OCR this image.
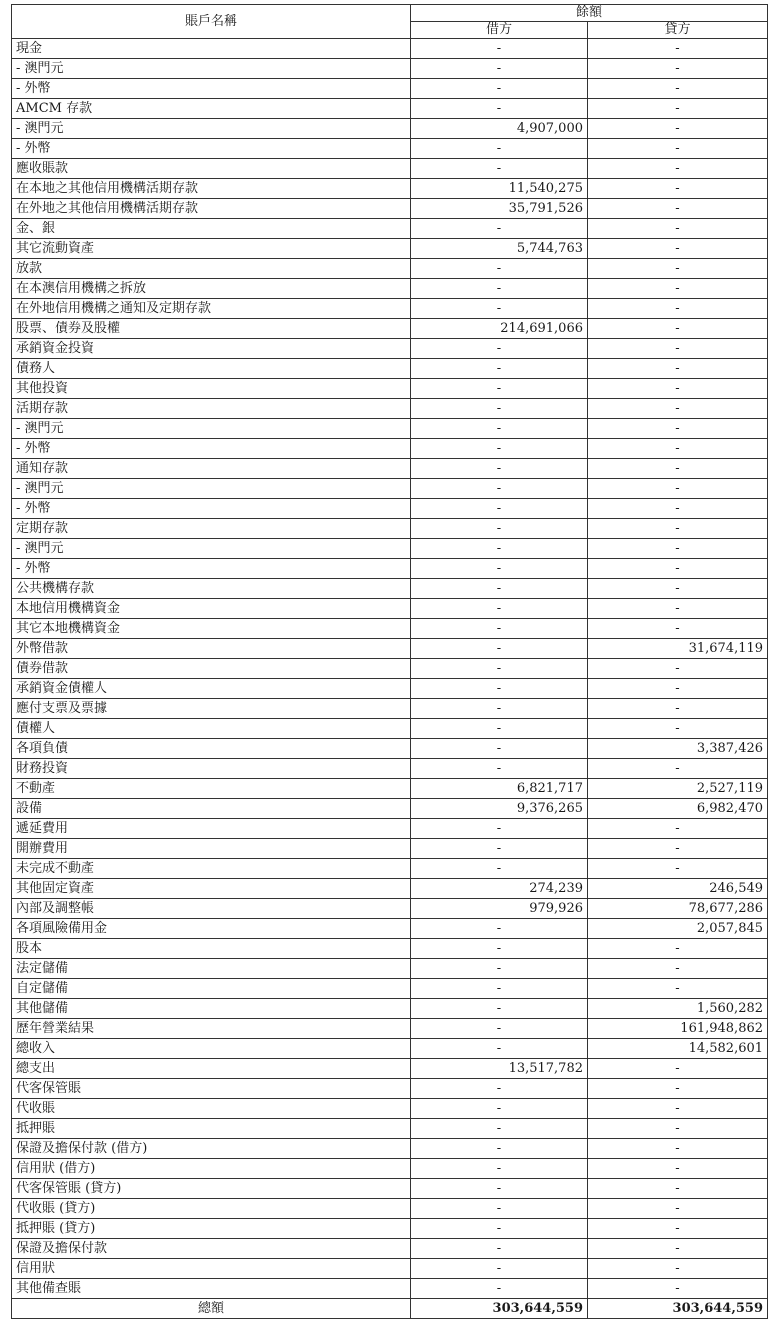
賬戶名稱	餘額	
	借方	貸方
現金	-	-
- 澳門元	-	-
- 外幣	-	-
AMCM 存款	-	-
- 澳門元	4,907,000	-
- 外幣	-	-
應收賬款	-	-
在本地之其他信用機構活期存款	11,540,275	-
在外地之其他信用機構活期存款	35,791,526	-
金、銀	-	-
其它流動資產	5,744,763	-
放款	-	-
在本澳信用機構之拆放	-	-
在外地信用機構之通知及定期存款	-	-
股票、債券及股權	214,691,066	-
承銷資金投資	-	-
債務人	-	-
其他投資	-	-
活期存款	-	-
- 澳門元	-	-
- 外幣	-	-
通知存款	-	-
- 澳門元	-	-
- 外幣	-	-
定期存款	-	-
- 澳門元	-	-
- 外幣	-	-
公共機構存款	-	-
本地信用機構資金	-	-
其它本地機構資金	-	-
外幣借款	-	31,674,119
債券借款	-	-
承銷資金債權人	-	-
應付支票及票據	-	-
債權人	-	-
各項負債	-	3,387,426
財務投資	-	-
不動產	6,821,717	2,527,119
設備	9,376,265	6,982,470
遞延費用	-	-
開辦費用	-	-
未完成不動產	-	-
其他固定資產	274,239	246,549
內部及調整帳	979,926	78,677,286
各項風險備用金	-	2,057,845
股本	-	-
法定儲備	-	-
自定儲備	-	-
其他儲備	-	1,560,282
歷年營業結果	-	161,948,862
總收入	-	14,582,601
總支出	13,517,782	-
代客保管賬	-	-
代收賬	-	-
抵押賬	-	-
保證及擔保付款 (借方)	-	-
信用狀 (借方)	-	-
代客保管賬 (貸方)	-	-
代收賬 (貸方)	-	-
抵押賬 (貸方)	-	-
保證及擔保付款	-	-
信用狀	-	-
其他備查賬	-	-
總額	303,644,559	303,644,559
